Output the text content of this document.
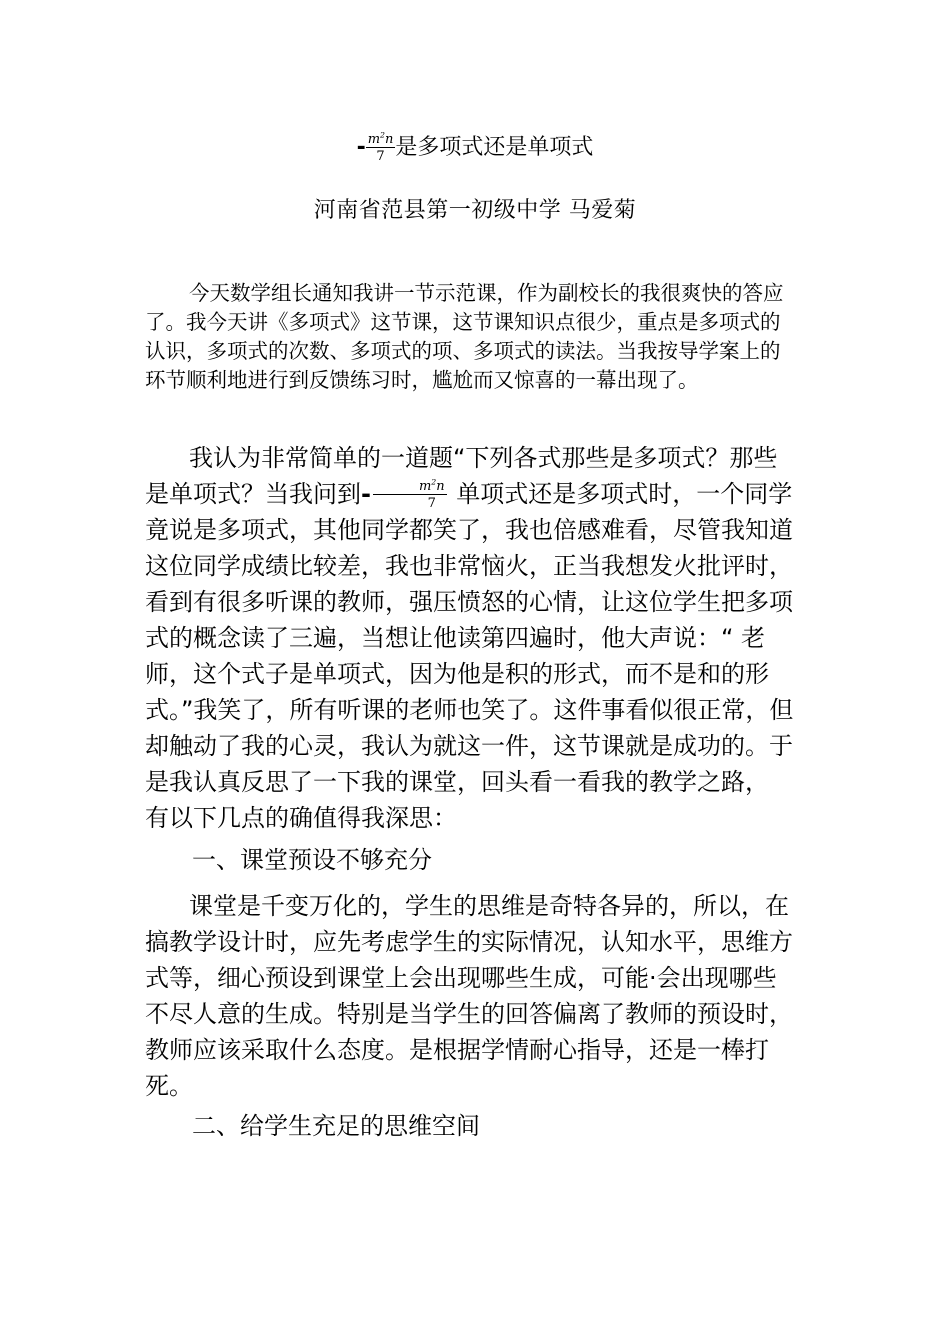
- $\frac{m^2n}{7}$ 是多项式还是单项式
河南省范县第一初级中学 马爱菊

今天数学组长通知我讲一节示范课，作为副校长的我很爽快的答应了。我今天讲《多项式》这节课，这节课知识点很少，重点是多项式的认识，多项式的次数、多项式的项、多项式的读法。当我按导学案上的环节顺利地进行到反馈练习时，尴尬而又惊喜的一幕出现了。

我认为非常简单的一道题“下列各式那些是多项式？那些是单项式？当我问到- $\frac{m^2n}{7}$ 单项式还是多项式时，一个同学竟说是多项式，其他同学都笑了，我也倍感难看，尽管我知道这位同学成绩比较差，我也非常恼火，正当我想发火批评时，看到有很多听课的教师，强压愤怒的心情，让这位学生把多项式的概念读了三遍，当想让他读第四遍时，他大声说：“ 老师，这个式子是单项式，因为他是积的形式，而不是和的形式。”我笑了，所有听课的老师也笑了。这件事看似很正常，但却触动了我的心灵，我认为就这一件，这节课就是成功的。于是我认真反思了一下我的课堂，回头看一看我的教学之路， 有以下几点的确值得我深思：

一、课堂预设不够充分

课堂是千变万化的，学生的思维是奇特各异的，所以，在搞教学设计时，应先考虑学生的实际情况，认知水平，思维方式等，细心预设到课堂上会出现哪些生成，可能·会出现哪些不尽人意的生成。特别是当学生的回答偏离了教师的预设时，教师应该采取什么态度。是根据学情耐心指导，还是一棒打死。

二、给学生充足的思维空间
